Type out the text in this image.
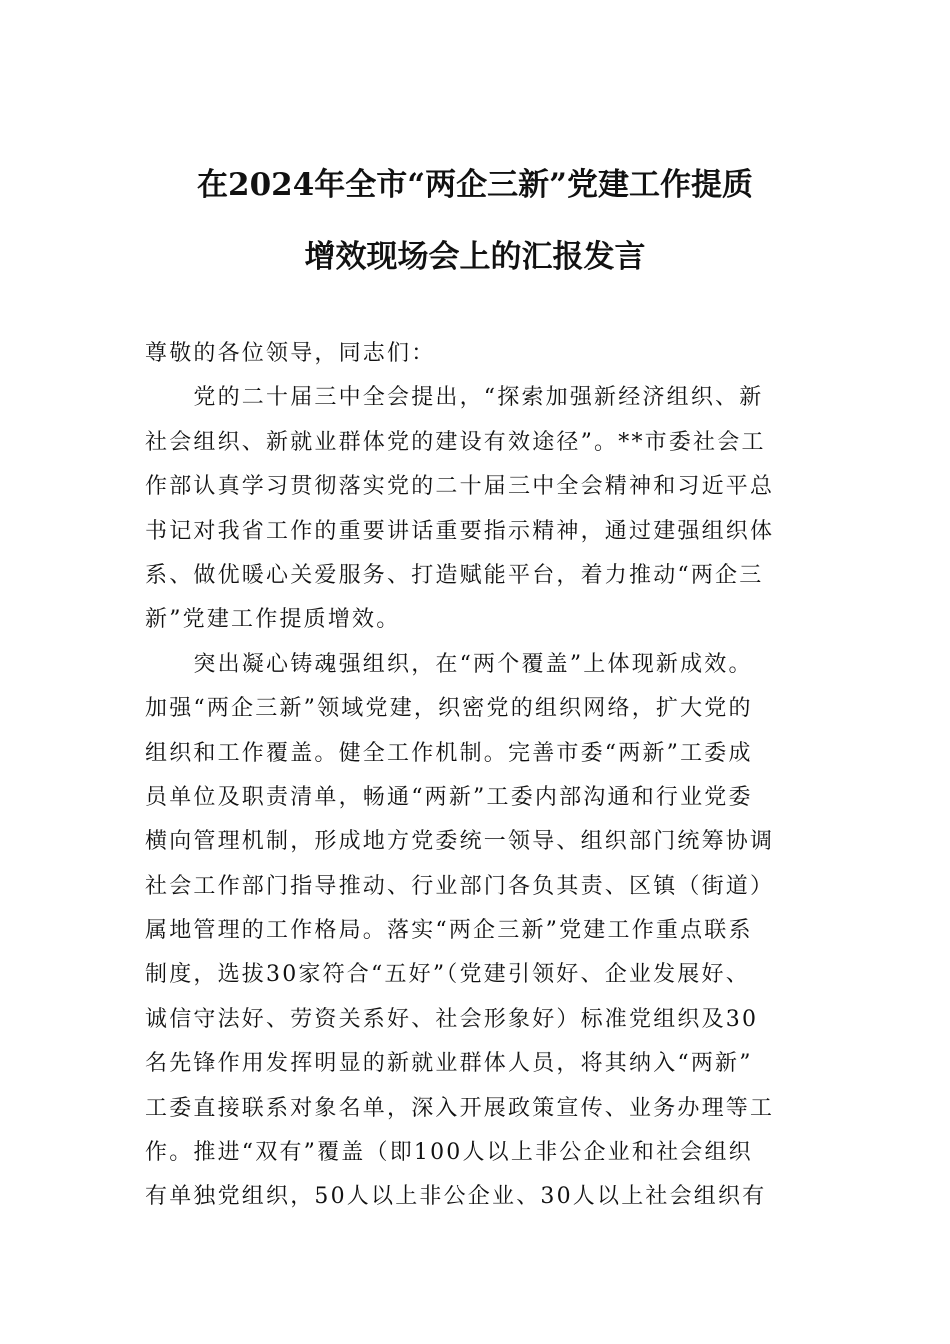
在2024年全市“两企三新”党建工作提质
增效现场会上的汇报发言
尊敬的各位领导，同志们：
　　党的二十届三中全会提出，“探索加强新经济组织、新
社会组织、新就业群体党的建设有效途径”。**市委社会工
作部认真学习贯彻落实党的二十届三中全会精神和习近平总
书记对我省工作的重要讲话重要指示精神，通过建强组织体
系、做优暖心关爱服务、打造赋能平台，着力推动“两企三
新”党建工作提质增效。
　　突出凝心铸魂强组织，在“两个覆盖”上体现新成效。
加强“两企三新”领域党建，织密党的组织网络，扩大党的
组织和工作覆盖。健全工作机制。完善市委“两新”工委成
员单位及职责清单，畅通“两新”工委内部沟通和行业党委
横向管理机制，形成地方党委统一领导、组织部门统筹协调
社会工作部门指导推动、行业部门各负其责、区镇（街道）
属地管理的工作格局。落实“两企三新”党建工作重点联系
制度，选拔30家符合“五好”（党建引领好、企业发展好、
诚信守法好、劳资关系好、社会形象好）标准党组织及30
名先锋作用发挥明显的新就业群体人员，将其纳入“两新”
工委直接联系对象名单，深入开展政策宣传、业务办理等工
作。推进“双有”覆盖（即100人以上非公企业和社会组织
有单独党组织，50人以上非公企业、30人以上社会组织有
